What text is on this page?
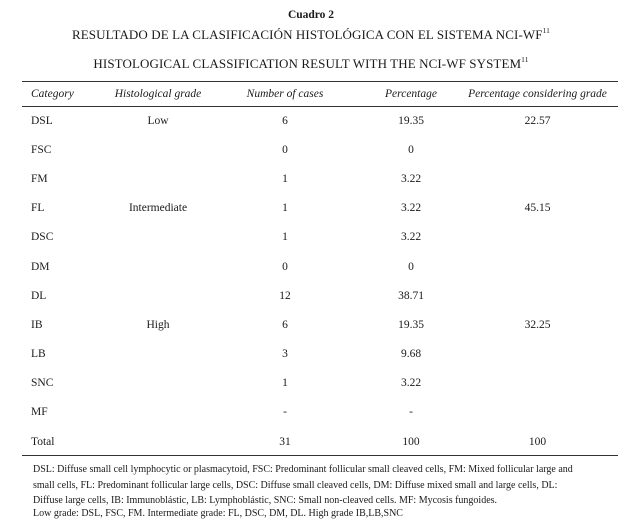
Cuadro 2
RESULTADO DE LA CLASIFICACIÓN HISTOLÓGICA CON EL SISTEMA NCI-WF$^{11}$
HISTOLOGICAL CLASSIFICATION RESULT WITH THE NCI-WF SYSTEM$^{11}$
Category	Histological grade	Number of cases	Percentage	Percentage considering grade
DSL	Low	6	19.35	22.57
FSC		0	0	
FM		1	3.22	
FL	Intermediate	1	3.22	45.15
DSC		1	3.22	
DM		0	0	
DL		12	38.71	
IB	High	6	19.35	32.25
LB		3	9.68	
SNC		1	3.22	
MF		-	-	
Total		31	100	100
DSL: Diffuse small cell lymphocytic or plasmacytoid, FSC: Predominant follicular small cleaved cells, FM: Mixed follicular large and
small cells, FL: Predominant follicular large cells, DSC: Diffuse small cleaved cells, DM: Diffuse mixed small and large cells, DL:
Diffuse large cells, IB: Immunoblástic, LB: Lymphoblástic, SNC: Small non-cleaved cells. MF: Mycosis fungoides.
Low grade: DSL, FSC, FM. Intermediate grade: FL, DSC, DM, DL. High grade IB,LB,SNC
